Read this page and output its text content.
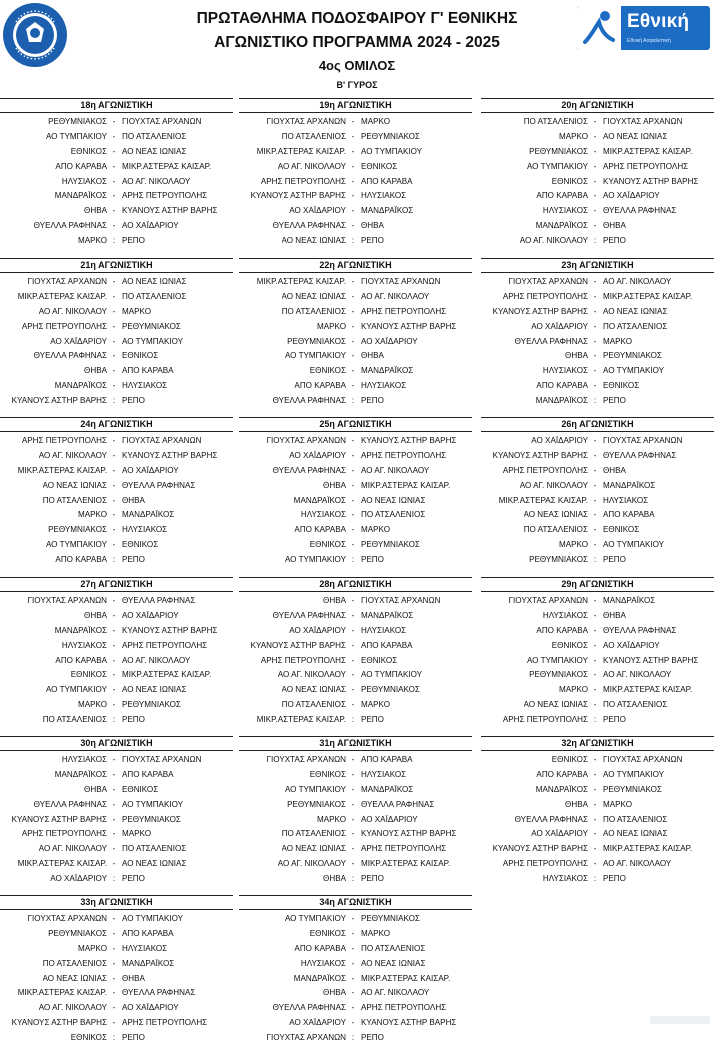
Εθνική
Εθνική Ασφαλιστική
ΠΡΩΤΑΘΛΗΜΑ ΠΟΔΟΣΦΑΙΡΟΥ Γ' ΕΘΝΙΚΗΣ
ΑΓΩΝΙΣΤΙΚΟ ΠΡΟΓΡΑΜΜΑ 2024 - 2025
4ος ΟΜΙΛΟΣ
Β' ΓΥΡΟΣ
18η ΑΓΩΝΙΣΤΙΚΗ
ΡΕΘΥΜΝΙΑΚΟΣ - ΓΙΟΥΧΤΑΣ ΑΡΧΑΝΩΝ
ΑΟ ΤΥΜΠΑΚΙΟΥ - ΠΟ ΑΤΣΑΛΕΝΙΟΣ
ΕΘΝΙΚΟΣ - ΑΟ ΝΕΑΣ ΙΩΝΙΑΣ
ΑΠΟ ΚΑΡΑΒΑ - ΜΙΚΡ.ΑΣΤΕΡΑΣ ΚΑΙΣΑΡ.
ΗΛΥΣΙΑΚΟΣ - ΑΟ ΑΓ. ΝΙΚΟΛΑΟΥ
ΜΑΝΔΡΑΪΚΟΣ - ΑΡΗΣ ΠΕΤΡΟΥΠΟΛΗΣ
ΘΗΒΑ - ΚΥΑΝΟΥΣ ΑΣΤΗΡ ΒΑΡΗΣ
ΘΥΕΛΛΑ ΡΑΦΗΝΑΣ - ΑΟ ΧΑΪΔΑΡΙΟΥ
ΜΑΡΚΟ : ΡΕΠΟ
19η ΑΓΩΝΙΣΤΙΚΗ
ΓΙΟΥΧΤΑΣ ΑΡΧΑΝΩΝ - ΜΑΡΚΟ
ΠΟ ΑΤΣΑΛΕΝΙΟΣ - ΡΕΘΥΜΝΙΑΚΟΣ
ΜΙΚΡ.ΑΣΤΕΡΑΣ ΚΑΙΣΑΡ. - ΑΟ ΤΥΜΠΑΚΙΟΥ
ΑΟ ΑΓ. ΝΙΚΟΛΑΟΥ - ΕΘΝΙΚΟΣ
ΑΡΗΣ ΠΕΤΡΟΥΠΟΛΗΣ - ΑΠΟ ΚΑΡΑΒΑ
ΚΥΑΝΟΥΣ ΑΣΤΗΡ ΒΑΡΗΣ - ΗΛΥΣΙΑΚΟΣ
ΑΟ ΧΑΪΔΑΡΙΟΥ - ΜΑΝΔΡΑΪΚΟΣ
ΘΥΕΛΛΑ ΡΑΦΗΝΑΣ - ΘΗΒΑ
ΑΟ ΝΕΑΣ ΙΩΝΙΑΣ : ΡΕΠΟ
20η ΑΓΩΝΙΣΤΙΚΗ
ΠΟ ΑΤΣΑΛΕΝΙΟΣ - ΓΙΟΥΧΤΑΣ ΑΡΧΑΝΩΝ
ΜΑΡΚΟ - ΑΟ ΝΕΑΣ ΙΩΝΙΑΣ
ΡΕΘΥΜΝΙΑΚΟΣ - ΜΙΚΡ.ΑΣΤΕΡΑΣ ΚΑΙΣΑΡ.
ΑΟ ΤΥΜΠΑΚΙΟΥ - ΑΡΗΣ ΠΕΤΡΟΥΠΟΛΗΣ
ΕΘΝΙΚΟΣ - ΚΥΑΝΟΥΣ ΑΣΤΗΡ ΒΑΡΗΣ
ΑΠΟ ΚΑΡΑΒΑ - ΑΟ ΧΑΪΔΑΡΙΟΥ
ΗΛΥΣΙΑΚΟΣ - ΘΥΕΛΛΑ ΡΑΦΗΝΑΣ
ΜΑΝΔΡΑΪΚΟΣ - ΘΗΒΑ
ΑΟ ΑΓ. ΝΙΚΟΛΑΟΥ : ΡΕΠΟ
21η ΑΓΩΝΙΣΤΙΚΗ
ΓΙΟΥΧΤΑΣ ΑΡΧΑΝΩΝ - ΑΟ ΝΕΑΣ ΙΩΝΙΑΣ
ΜΙΚΡ.ΑΣΤΕΡΑΣ ΚΑΙΣΑΡ. - ΠΟ ΑΤΣΑΛΕΝΙΟΣ
ΑΟ ΑΓ. ΝΙΚΟΛΑΟΥ - ΜΑΡΚΟ
ΑΡΗΣ ΠΕΤΡΟΥΠΟΛΗΣ - ΡΕΘΥΜΝΙΑΚΟΣ
ΑΟ ΧΑΪΔΑΡΙΟΥ - ΑΟ ΤΥΜΠΑΚΙΟΥ
ΘΥΕΛΛΑ ΡΑΦΗΝΑΣ - ΕΘΝΙΚΟΣ
ΘΗΒΑ - ΑΠΟ ΚΑΡΑΒΑ
ΜΑΝΔΡΑΪΚΟΣ - ΗΛΥΣΙΑΚΟΣ
ΚΥΑΝΟΥΣ ΑΣΤΗΡ ΒΑΡΗΣ : ΡΕΠΟ
22η ΑΓΩΝΙΣΤΙΚΗ
ΜΙΚΡ.ΑΣΤΕΡΑΣ ΚΑΙΣΑΡ. - ΓΙΟΥΧΤΑΣ ΑΡΧΑΝΩΝ
ΑΟ ΝΕΑΣ ΙΩΝΙΑΣ - ΑΟ ΑΓ. ΝΙΚΟΛΑΟΥ
ΠΟ ΑΤΣΑΛΕΝΙΟΣ - ΑΡΗΣ ΠΕΤΡΟΥΠΟΛΗΣ
ΜΑΡΚΟ - ΚΥΑΝΟΥΣ ΑΣΤΗΡ ΒΑΡΗΣ
ΡΕΘΥΜΝΙΑΚΟΣ - ΑΟ ΧΑΪΔΑΡΙΟΥ
ΑΟ ΤΥΜΠΑΚΙΟΥ - ΘΗΒΑ
ΕΘΝΙΚΟΣ - ΜΑΝΔΡΑΪΚΟΣ
ΑΠΟ ΚΑΡΑΒΑ - ΗΛΥΣΙΑΚΟΣ
ΘΥΕΛΛΑ ΡΑΦΗΝΑΣ : ΡΕΠΟ
23η ΑΓΩΝΙΣΤΙΚΗ
ΓΙΟΥΧΤΑΣ ΑΡΧΑΝΩΝ - ΑΟ ΑΓ. ΝΙΚΟΛΑΟΥ
ΑΡΗΣ ΠΕΤΡΟΥΠΟΛΗΣ - ΜΙΚΡ.ΑΣΤΕΡΑΣ ΚΑΙΣΑΡ.
ΚΥΑΝΟΥΣ ΑΣΤΗΡ ΒΑΡΗΣ - ΑΟ ΝΕΑΣ ΙΩΝΙΑΣ
ΑΟ ΧΑΪΔΑΡΙΟΥ - ΠΟ ΑΤΣΑΛΕΝΙΟΣ
ΘΥΕΛΛΑ ΡΑΦΗΝΑΣ - ΜΑΡΚΟ
ΘΗΒΑ - ΡΕΘΥΜΝΙΑΚΟΣ
ΗΛΥΣΙΑΚΟΣ - ΑΟ ΤΥΜΠΑΚΙΟΥ
ΑΠΟ ΚΑΡΑΒΑ - ΕΘΝΙΚΟΣ
ΜΑΝΔΡΑΪΚΟΣ : ΡΕΠΟ
24η ΑΓΩΝΙΣΤΙΚΗ
ΑΡΗΣ ΠΕΤΡΟΥΠΟΛΗΣ - ΓΙΟΥΧΤΑΣ ΑΡΧΑΝΩΝ
ΑΟ ΑΓ. ΝΙΚΟΛΑΟΥ - ΚΥΑΝΟΥΣ ΑΣΤΗΡ ΒΑΡΗΣ
ΜΙΚΡ.ΑΣΤΕΡΑΣ ΚΑΙΣΑΡ. - ΑΟ ΧΑΪΔΑΡΙΟΥ
ΑΟ ΝΕΑΣ ΙΩΝΙΑΣ - ΘΥΕΛΛΑ ΡΑΦΗΝΑΣ
ΠΟ ΑΤΣΑΛΕΝΙΟΣ - ΘΗΒΑ
ΜΑΡΚΟ - ΜΑΝΔΡΑΪΚΟΣ
ΡΕΘΥΜΝΙΑΚΟΣ - ΗΛΥΣΙΑΚΟΣ
ΑΟ ΤΥΜΠΑΚΙΟΥ - ΕΘΝΙΚΟΣ
ΑΠΟ ΚΑΡΑΒΑ : ΡΕΠΟ
25η ΑΓΩΝΙΣΤΙΚΗ
ΓΙΟΥΧΤΑΣ ΑΡΧΑΝΩΝ - ΚΥΑΝΟΥΣ ΑΣΤΗΡ ΒΑΡΗΣ
ΑΟ ΧΑΪΔΑΡΙΟΥ - ΑΡΗΣ ΠΕΤΡΟΥΠΟΛΗΣ
ΘΥΕΛΛΑ ΡΑΦΗΝΑΣ - ΑΟ ΑΓ. ΝΙΚΟΛΑΟΥ
ΘΗΒΑ - ΜΙΚΡ.ΑΣΤΕΡΑΣ ΚΑΙΣΑΡ.
ΜΑΝΔΡΑΪΚΟΣ - ΑΟ ΝΕΑΣ ΙΩΝΙΑΣ
ΗΛΥΣΙΑΚΟΣ - ΠΟ ΑΤΣΑΛΕΝΙΟΣ
ΑΠΟ ΚΑΡΑΒΑ - ΜΑΡΚΟ
ΕΘΝΙΚΟΣ - ΡΕΘΥΜΝΙΑΚΟΣ
ΑΟ ΤΥΜΠΑΚΙΟΥ : ΡΕΠΟ
26η ΑΓΩΝΙΣΤΙΚΗ
ΑΟ ΧΑΪΔΑΡΙΟΥ - ΓΙΟΥΧΤΑΣ ΑΡΧΑΝΩΝ
ΚΥΑΝΟΥΣ ΑΣΤΗΡ ΒΑΡΗΣ - ΘΥΕΛΛΑ ΡΑΦΗΝΑΣ
ΑΡΗΣ ΠΕΤΡΟΥΠΟΛΗΣ - ΘΗΒΑ
ΑΟ ΑΓ. ΝΙΚΟΛΑΟΥ - ΜΑΝΔΡΑΪΚΟΣ
ΜΙΚΡ.ΑΣΤΕΡΑΣ ΚΑΙΣΑΡ. - ΗΛΥΣΙΑΚΟΣ
ΑΟ ΝΕΑΣ ΙΩΝΙΑΣ - ΑΠΟ ΚΑΡΑΒΑ
ΠΟ ΑΤΣΑΛΕΝΙΟΣ - ΕΘΝΙΚΟΣ
ΜΑΡΚΟ - ΑΟ ΤΥΜΠΑΚΙΟΥ
ΡΕΘΥΜΝΙΑΚΟΣ : ΡΕΠΟ
27η ΑΓΩΝΙΣΤΙΚΗ
ΓΙΟΥΧΤΑΣ ΑΡΧΑΝΩΝ - ΘΥΕΛΛΑ ΡΑΦΗΝΑΣ
ΘΗΒΑ - ΑΟ ΧΑΪΔΑΡΙΟΥ
ΜΑΝΔΡΑΪΚΟΣ - ΚΥΑΝΟΥΣ ΑΣΤΗΡ ΒΑΡΗΣ
ΗΛΥΣΙΑΚΟΣ - ΑΡΗΣ ΠΕΤΡΟΥΠΟΛΗΣ
ΑΠΟ ΚΑΡΑΒΑ - ΑΟ ΑΓ. ΝΙΚΟΛΑΟΥ
ΕΘΝΙΚΟΣ - ΜΙΚΡ.ΑΣΤΕΡΑΣ ΚΑΙΣΑΡ.
ΑΟ ΤΥΜΠΑΚΙΟΥ - ΑΟ ΝΕΑΣ ΙΩΝΙΑΣ
ΜΑΡΚΟ - ΡΕΘΥΜΝΙΑΚΟΣ
ΠΟ ΑΤΣΑΛΕΝΙΟΣ : ΡΕΠΟ
28η ΑΓΩΝΙΣΤΙΚΗ
ΘΗΒΑ - ΓΙΟΥΧΤΑΣ ΑΡΧΑΝΩΝ
ΘΥΕΛΛΑ ΡΑΦΗΝΑΣ - ΜΑΝΔΡΑΪΚΟΣ
ΑΟ ΧΑΪΔΑΡΙΟΥ - ΗΛΥΣΙΑΚΟΣ
ΚΥΑΝΟΥΣ ΑΣΤΗΡ ΒΑΡΗΣ - ΑΠΟ ΚΑΡΑΒΑ
ΑΡΗΣ ΠΕΤΡΟΥΠΟΛΗΣ - ΕΘΝΙΚΟΣ
ΑΟ ΑΓ. ΝΙΚΟΛΑΟΥ - ΑΟ ΤΥΜΠΑΚΙΟΥ
ΑΟ ΝΕΑΣ ΙΩΝΙΑΣ - ΡΕΘΥΜΝΙΑΚΟΣ
ΠΟ ΑΤΣΑΛΕΝΙΟΣ - ΜΑΡΚΟ
ΜΙΚΡ.ΑΣΤΕΡΑΣ ΚΑΙΣΑΡ. : ΡΕΠΟ
29η ΑΓΩΝΙΣΤΙΚΗ
ΓΙΟΥΧΤΑΣ ΑΡΧΑΝΩΝ - ΜΑΝΔΡΑΪΚΟΣ
ΗΛΥΣΙΑΚΟΣ - ΘΗΒΑ
ΑΠΟ ΚΑΡΑΒΑ - ΘΥΕΛΛΑ ΡΑΦΗΝΑΣ
ΕΘΝΙΚΟΣ - ΑΟ ΧΑΪΔΑΡΙΟΥ
ΑΟ ΤΥΜΠΑΚΙΟΥ - ΚΥΑΝΟΥΣ ΑΣΤΗΡ ΒΑΡΗΣ
ΡΕΘΥΜΝΙΑΚΟΣ - ΑΟ ΑΓ. ΝΙΚΟΛΑΟΥ
ΜΑΡΚΟ - ΜΙΚΡ.ΑΣΤΕΡΑΣ ΚΑΙΣΑΡ.
ΑΟ ΝΕΑΣ ΙΩΝΙΑΣ - ΠΟ ΑΤΣΑΛΕΝΙΟΣ
ΑΡΗΣ ΠΕΤΡΟΥΠΟΛΗΣ : ΡΕΠΟ
30η ΑΓΩΝΙΣΤΙΚΗ
ΗΛΥΣΙΑΚΟΣ - ΓΙΟΥΧΤΑΣ ΑΡΧΑΝΩΝ
ΜΑΝΔΡΑΪΚΟΣ - ΑΠΟ ΚΑΡΑΒΑ
ΘΗΒΑ - ΕΘΝΙΚΟΣ
ΘΥΕΛΛΑ ΡΑΦΗΝΑΣ - ΑΟ ΤΥΜΠΑΚΙΟΥ
ΚΥΑΝΟΥΣ ΑΣΤΗΡ ΒΑΡΗΣ - ΡΕΘΥΜΝΙΑΚΟΣ
ΑΡΗΣ ΠΕΤΡΟΥΠΟΛΗΣ - ΜΑΡΚΟ
ΑΟ ΑΓ. ΝΙΚΟΛΑΟΥ - ΠΟ ΑΤΣΑΛΕΝΙΟΣ
ΜΙΚΡ.ΑΣΤΕΡΑΣ ΚΑΙΣΑΡ. - ΑΟ ΝΕΑΣ ΙΩΝΙΑΣ
ΑΟ ΧΑΪΔΑΡΙΟΥ : ΡΕΠΟ
31η ΑΓΩΝΙΣΤΙΚΗ
ΓΙΟΥΧΤΑΣ ΑΡΧΑΝΩΝ - ΑΠΟ ΚΑΡΑΒΑ
ΕΘΝΙΚΟΣ - ΗΛΥΣΙΑΚΟΣ
ΑΟ ΤΥΜΠΑΚΙΟΥ - ΜΑΝΔΡΑΪΚΟΣ
ΡΕΘΥΜΝΙΑΚΟΣ - ΘΥΕΛΛΑ ΡΑΦΗΝΑΣ
ΜΑΡΚΟ - ΑΟ ΧΑΪΔΑΡΙΟΥ
ΠΟ ΑΤΣΑΛΕΝΙΟΣ - ΚΥΑΝΟΥΣ ΑΣΤΗΡ ΒΑΡΗΣ
ΑΟ ΝΕΑΣ ΙΩΝΙΑΣ - ΑΡΗΣ ΠΕΤΡΟΥΠΟΛΗΣ
ΑΟ ΑΓ. ΝΙΚΟΛΑΟΥ - ΜΙΚΡ.ΑΣΤΕΡΑΣ ΚΑΙΣΑΡ.
ΘΗΒΑ : ΡΕΠΟ
32η ΑΓΩΝΙΣΤΙΚΗ
ΕΘΝΙΚΟΣ - ΓΙΟΥΧΤΑΣ ΑΡΧΑΝΩΝ
ΑΠΟ ΚΑΡΑΒΑ - ΑΟ ΤΥΜΠΑΚΙΟΥ
ΜΑΝΔΡΑΪΚΟΣ - ΡΕΘΥΜΝΙΑΚΟΣ
ΘΗΒΑ - ΜΑΡΚΟ
ΘΥΕΛΛΑ ΡΑΦΗΝΑΣ - ΠΟ ΑΤΣΑΛΕΝΙΟΣ
ΑΟ ΧΑΪΔΑΡΙΟΥ - ΑΟ ΝΕΑΣ ΙΩΝΙΑΣ
ΚΥΑΝΟΥΣ ΑΣΤΗΡ ΒΑΡΗΣ - ΜΙΚΡ.ΑΣΤΕΡΑΣ ΚΑΙΣΑΡ.
ΑΡΗΣ ΠΕΤΡΟΥΠΟΛΗΣ - ΑΟ ΑΓ. ΝΙΚΟΛΑΟΥ
ΗΛΥΣΙΑΚΟΣ : ΡΕΠΟ
33η ΑΓΩΝΙΣΤΙΚΗ
ΓΙΟΥΧΤΑΣ ΑΡΧΑΝΩΝ - ΑΟ ΤΥΜΠΑΚΙΟΥ
ΡΕΘΥΜΝΙΑΚΟΣ - ΑΠΟ ΚΑΡΑΒΑ
ΜΑΡΚΟ - ΗΛΥΣΙΑΚΟΣ
ΠΟ ΑΤΣΑΛΕΝΙΟΣ - ΜΑΝΔΡΑΪΚΟΣ
ΑΟ ΝΕΑΣ ΙΩΝΙΑΣ - ΘΗΒΑ
ΜΙΚΡ.ΑΣΤΕΡΑΣ ΚΑΙΣΑΡ. - ΘΥΕΛΛΑ ΡΑΦΗΝΑΣ
ΑΟ ΑΓ. ΝΙΚΟΛΑΟΥ - ΑΟ ΧΑΪΔΑΡΙΟΥ
ΚΥΑΝΟΥΣ ΑΣΤΗΡ ΒΑΡΗΣ - ΑΡΗΣ ΠΕΤΡΟΥΠΟΛΗΣ
ΕΘΝΙΚΟΣ : ΡΕΠΟ
34η ΑΓΩΝΙΣΤΙΚΗ
ΑΟ ΤΥΜΠΑΚΙΟΥ - ΡΕΘΥΜΝΙΑΚΟΣ
ΕΘΝΙΚΟΣ - ΜΑΡΚΟ
ΑΠΟ ΚΑΡΑΒΑ - ΠΟ ΑΤΣΑΛΕΝΙΟΣ
ΗΛΥΣΙΑΚΟΣ - ΑΟ ΝΕΑΣ ΙΩΝΙΑΣ
ΜΑΝΔΡΑΪΚΟΣ - ΜΙΚΡ.ΑΣΤΕΡΑΣ ΚΑΙΣΑΡ.
ΘΗΒΑ - ΑΟ ΑΓ. ΝΙΚΟΛΑΟΥ
ΘΥΕΛΛΑ ΡΑΦΗΝΑΣ - ΑΡΗΣ ΠΕΤΡΟΥΠΟΛΗΣ
ΑΟ ΧΑΪΔΑΡΙΟΥ - ΚΥΑΝΟΥΣ ΑΣΤΗΡ ΒΑΡΗΣ
ΓΙΟΥΧΤΑΣ ΑΡΧΑΝΩΝ : ΡΕΠΟ
